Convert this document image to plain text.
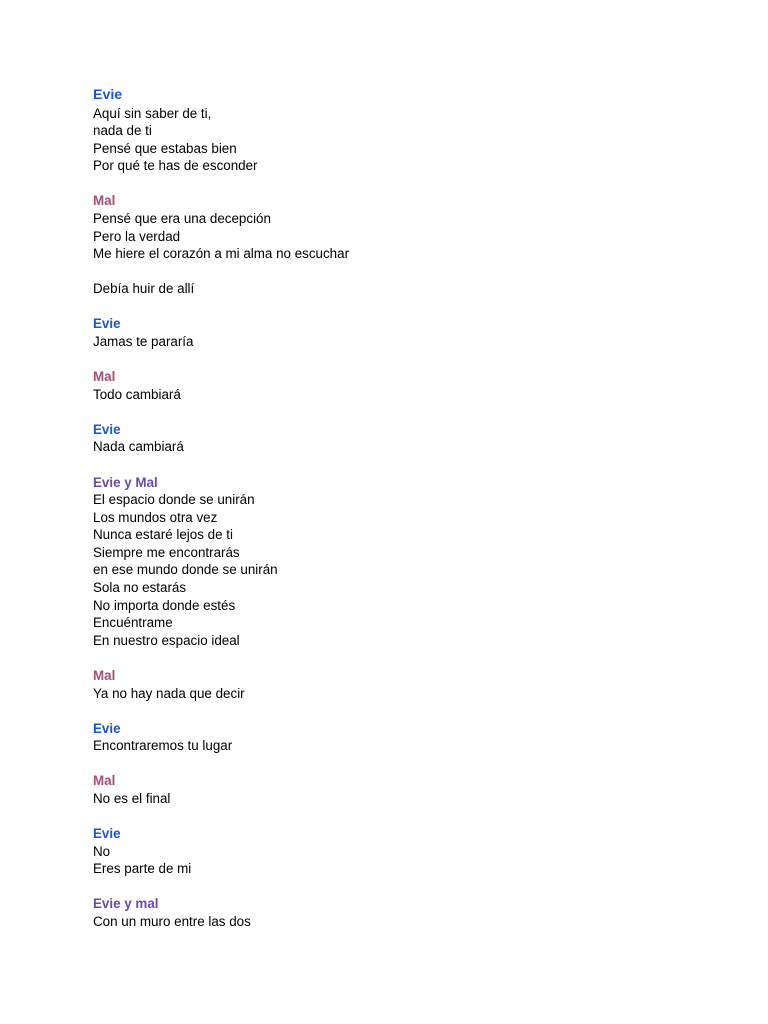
Evie
Aquí sin saber de ti,
nada de ti
Pensé que estabas bien
Por qué te has de esconder
Mal
Pensé que era una decepción
Pero la verdad
Me hiere el corazón a mi alma no escuchar
Debía huir de allí
Evie
Jamas te pararía
Mal
Todo cambiará
Evie
Nada cambiará
Evie y Mal
El espacio donde se unirán
Los mundos otra vez
Nunca estaré lejos de ti
Siempre me encontrarás
en ese mundo donde se unirán
Sola no estarás
No importa donde estés
Encuéntrame
En nuestro espacio ideal
Mal
Ya no hay nada que decir
Evie
Encontraremos tu lugar
Mal
No es el final
Evie
No
Eres parte de mi
Evie y mal
Con un muro entre las dos
